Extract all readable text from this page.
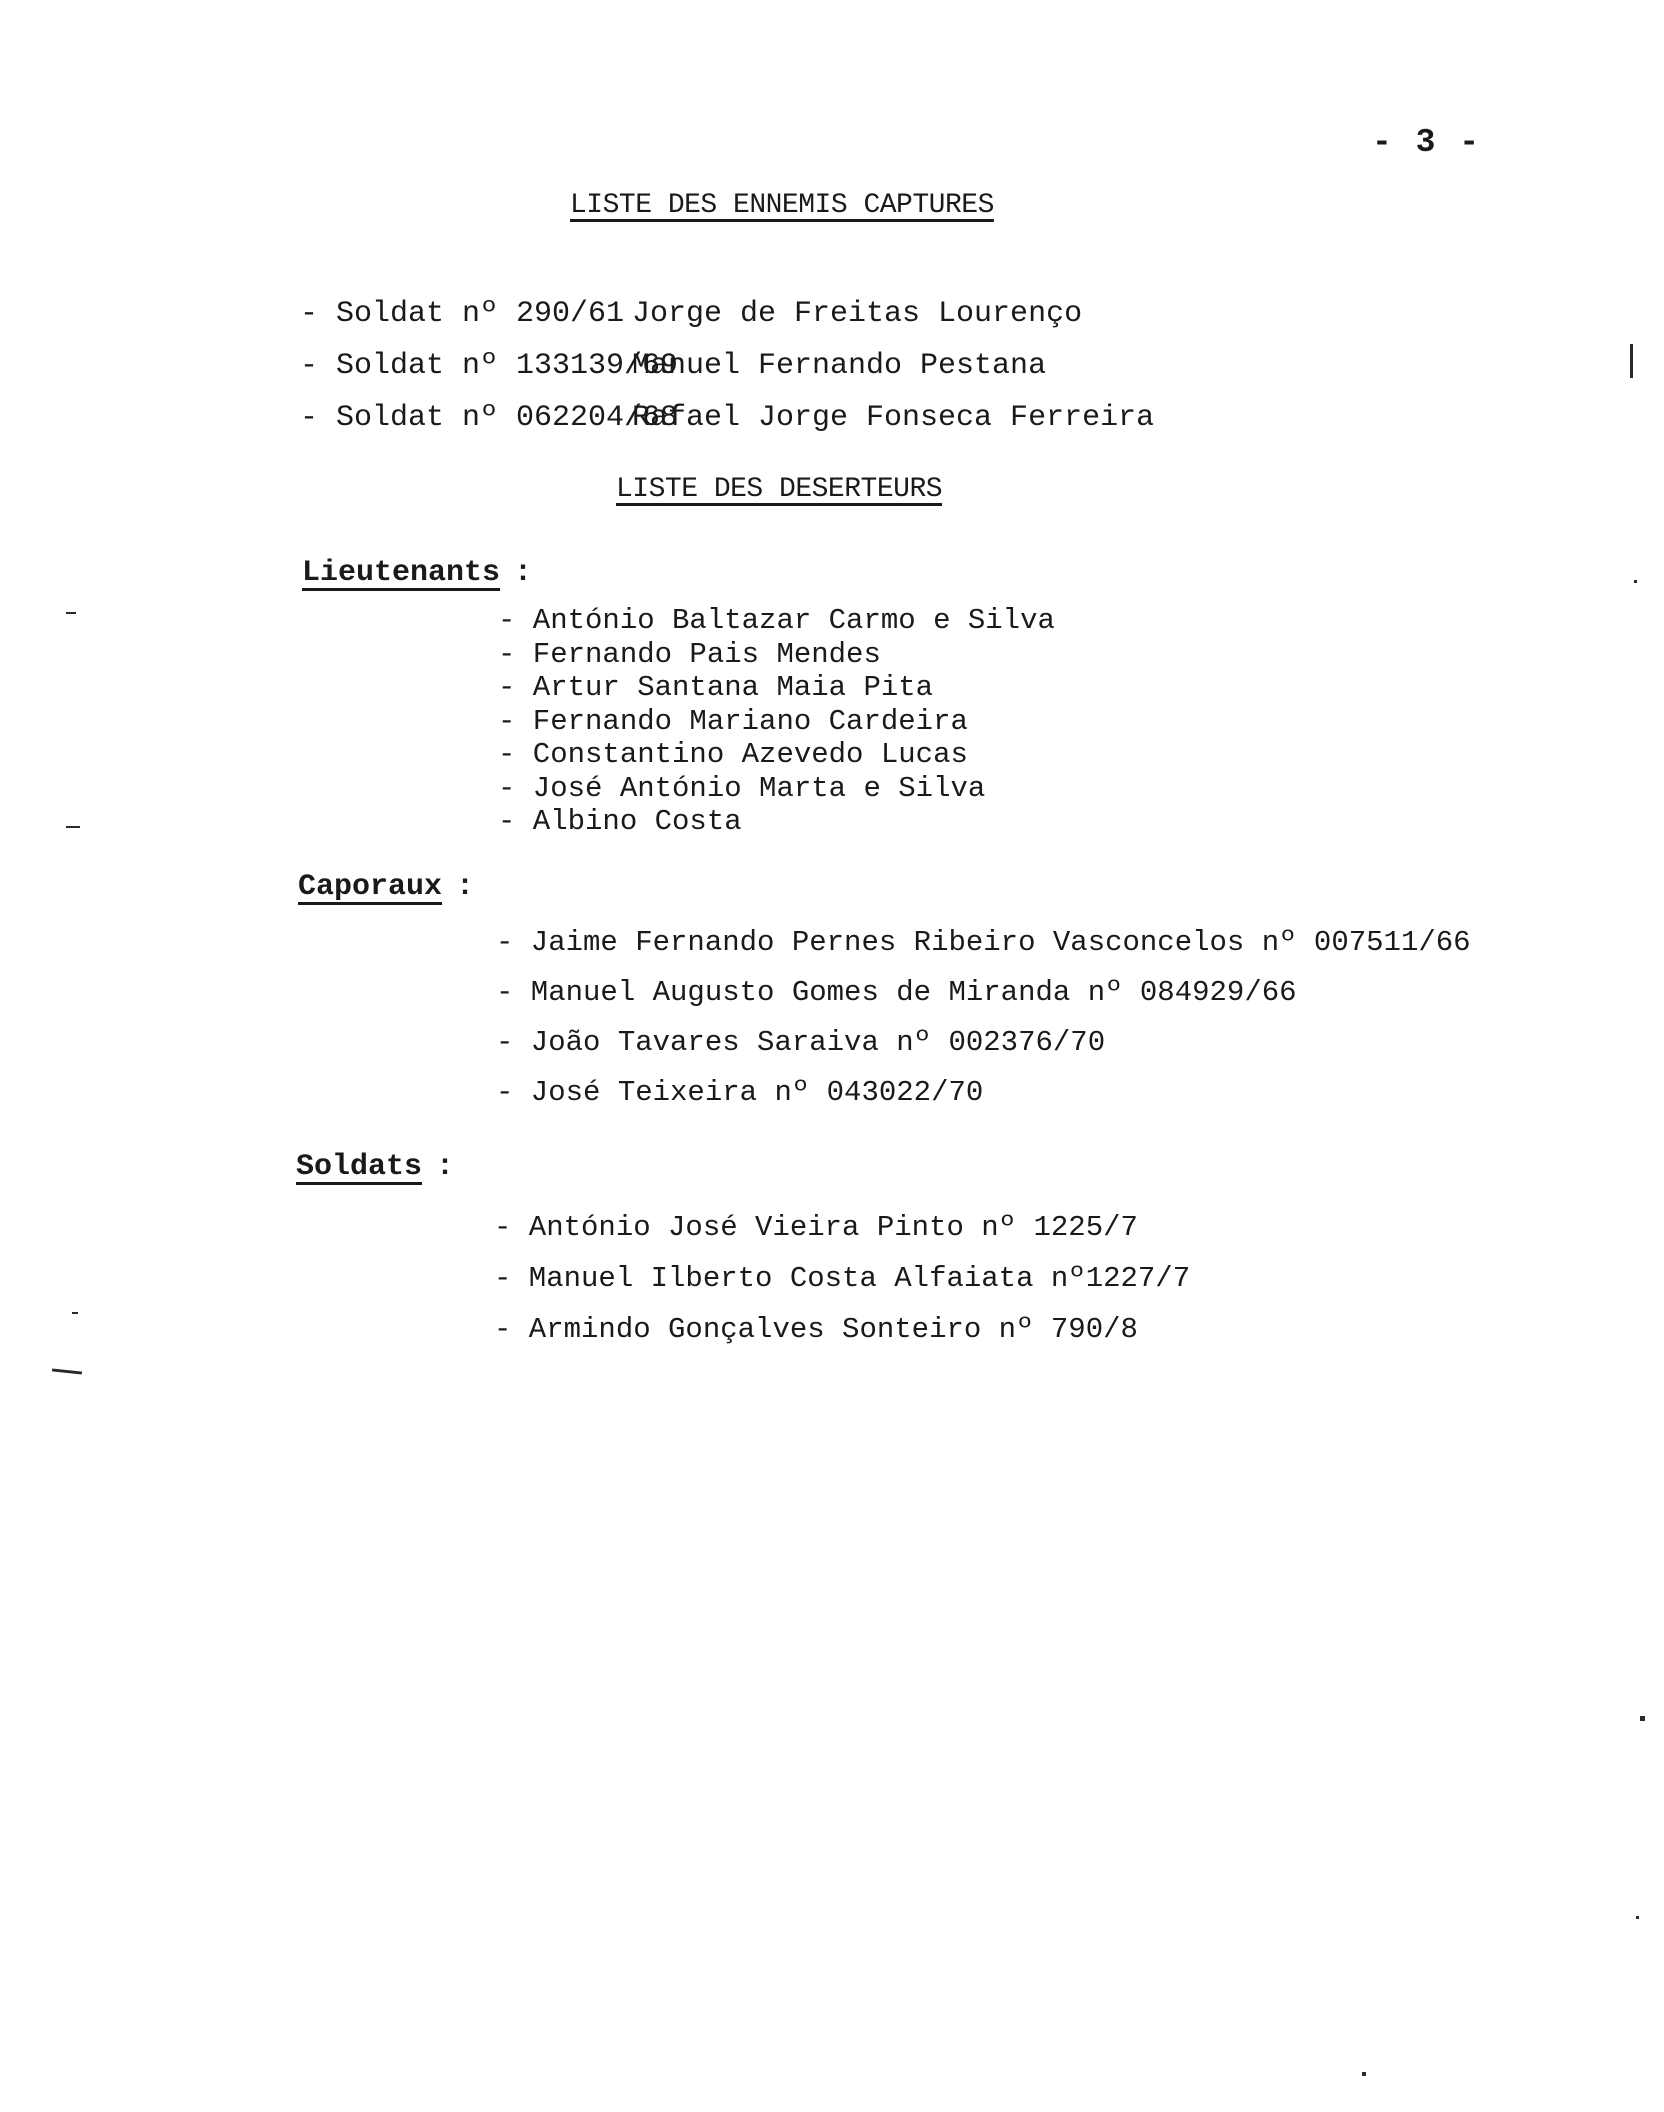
- 3 -
LISTE DES ENNEMIS CAPTURES
- Soldat nº 290/61 Jorge de Freitas Lourenço
- Soldat nº 133139/69Manuel Fernando Pestana
- Soldat nº 062204/68Rafael Jorge Fonseca Ferreira
LISTE DES DESERTEURS
Lieutenants :
- António Baltazar Carmo e Silva
- Fernando Pais Mendes
- Artur Santana Maia Pita
- Fernando Mariano Cardeira
- Constantino Azevedo Lucas
- José António Marta e Silva
- Albino Costa
Caporaux :
- Jaime Fernando Pernes Ribeiro Vasconcelos nº 007511/66
- Manuel Augusto Gomes de Miranda nº 084929/66
- João Tavares Saraiva nº 002376/70
- José Teixeira nº 043022/70
Soldats :
- António José Vieira Pinto nº 1225/7
- Manuel Ilberto Costa Alfaiata nº1227/7
- Armindo Gonçalves Sonteiro nº 790/8
